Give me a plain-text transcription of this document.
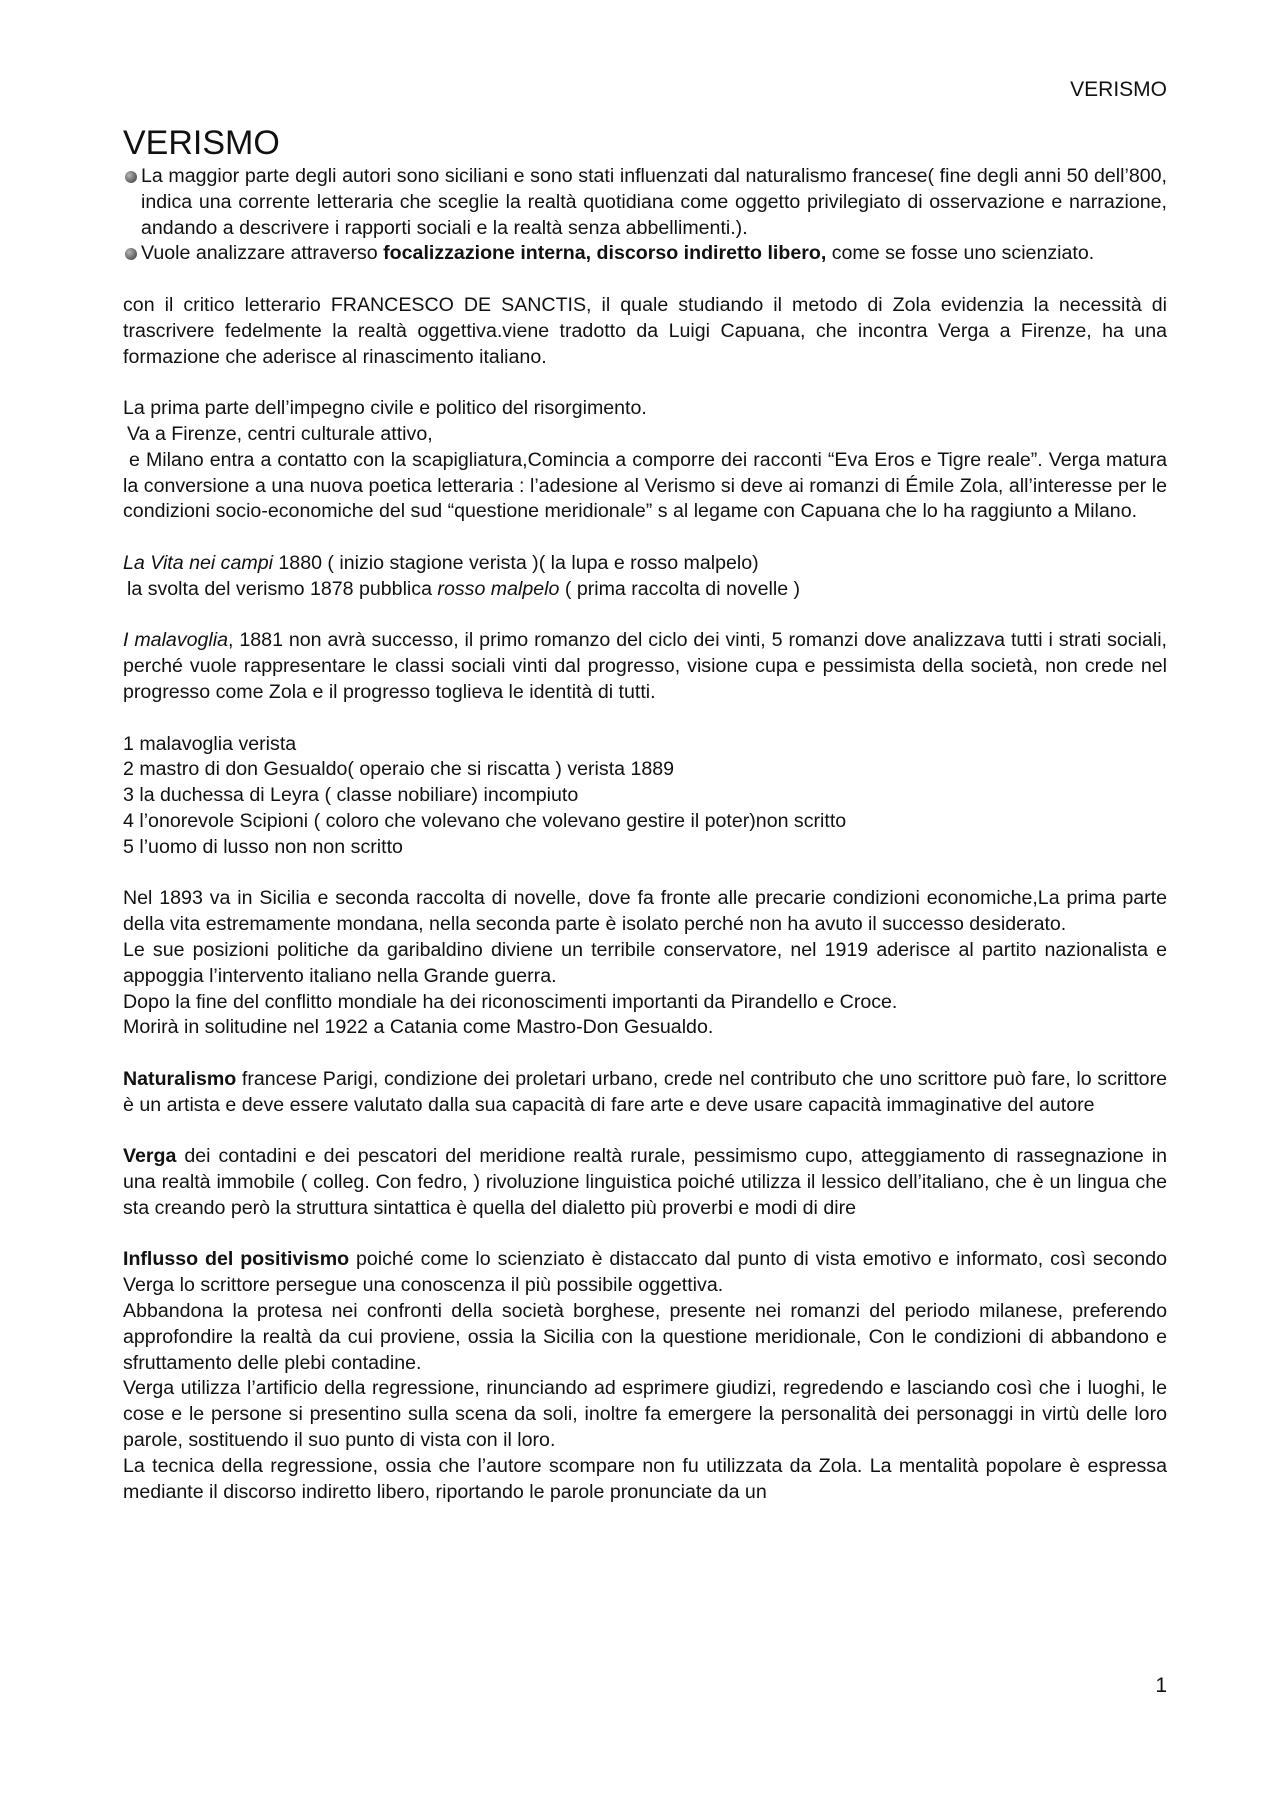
VERISMO
VERISMO
La maggior parte degli autori sono siciliani e sono stati influenzati dal naturalismo francese( fine degli anni 50 dell’800, indica una corrente letteraria che sceglie la realtà quotidiana come oggetto privilegiato di osservazione e narrazione, andando a descrivere i rapporti sociali e la realtà senza abbellimenti.).
Vuole analizzare attraverso focalizzazione interna, discorso indiretto libero, come se fosse uno scienziato.

con il critico letterario FRANCESCO DE SANCTIS, il quale studiando il metodo di Zola evidenzia la necessità di trascrivere fedelmente la realtà oggettiva.viene tradotto da Luigi Capuana, che incontra Verga a Firenze, ha una formazione che aderisce al rinascimento italiano.

La prima parte dell’impegno civile e politico del risorgimento.

Va a Firenze, centri culturale attivo,

e Milano entra a contatto con la scapigliatura,Comincia a comporre dei racconti “Eva Eros e Tigre reale”. Verga matura la conversione a una nuova poetica letteraria : l’adesione al Verismo si deve ai romanzi di Émile Zola, all’interesse per le condizioni socio-economiche del sud “questione meridionale” s al legame con Capuana che lo ha raggiunto a Milano.

La Vita nei campi 1880 ( inizio stagione verista )( la lupa e rosso malpelo)

la svolta del verismo 1878 pubblica rosso malpelo ( prima raccolta di novelle )

I malavoglia, 1881 non avrà successo, il primo romanzo del ciclo dei vinti, 5 romanzi dove analizzava tutti i strati sociali, perché vuole rappresentare le classi sociali vinti dal progresso, visione cupa e pessimista della società, non crede nel progresso come Zola e il progresso toglieva le identità di tutti.

1 malavoglia verista

2 mastro di don Gesualdo( operaio che si riscatta ) verista 1889

3 la duchessa di Leyra ( classe nobiliare) incompiuto

4 l’onorevole Scipioni ( coloro che volevano che volevano gestire il poter)non scritto

5 l’uomo di lusso non non scritto

Nel 1893 va in Sicilia e seconda raccolta di novelle, dove fa fronte alle precarie condizioni economiche,La prima parte della vita estremamente mondana, nella seconda parte è isolato perché non ha avuto il successo desiderato.

Le sue posizioni politiche da garibaldino diviene un terribile conservatore, nel 1919 aderisce al partito nazionalista e appoggia l’intervento italiano nella Grande guerra.

Dopo la fine del conflitto mondiale ha dei riconoscimenti importanti da Pirandello e Croce.

Morirà in solitudine nel 1922 a Catania come Mastro-Don Gesualdo.

Naturalismo francese Parigi, condizione dei proletari urbano, crede nel contributo che uno scrittore può fare, lo scrittore è un artista e deve essere valutato dalla sua capacità di fare arte e deve usare capacità immaginative del autore

Verga dei contadini e dei pescatori del meridione realtà rurale, pessimismo cupo, atteggiamento di rassegnazione in una realtà immobile ( colleg. Con fedro, ) rivoluzione linguistica poiché utilizza il lessico dell’italiano, che è un lingua che sta creando però la struttura sintattica è quella del dialetto più proverbi e modi di dire

Influsso del positivismo poiché come lo scienziato è distaccato dal punto di vista emotivo e informato, così secondo Verga lo scrittore persegue una conoscenza il più possibile oggettiva.

Abbandona la protesa nei confronti della società borghese, presente nei romanzi del periodo milanese, preferendo approfondire la realtà da cui proviene, ossia la Sicilia con la questione meridionale, Con le condizioni di abbandono e sfruttamento delle plebi contadine.

Verga utilizza l’artificio della regressione, rinunciando ad esprimere giudizi, regredendo e lasciando così che i luoghi, le cose e le persone si presentino sulla scena da soli, inoltre fa emergere la personalità dei personaggi in virtù delle loro parole, sostituendo il suo punto di vista con il loro.

La tecnica della regressione, ossia che l’autore scompare non fu utilizzata da Zola. La mentalità popolare è espressa mediante il discorso indiretto libero, riportando le parole pronunciate da un

1
